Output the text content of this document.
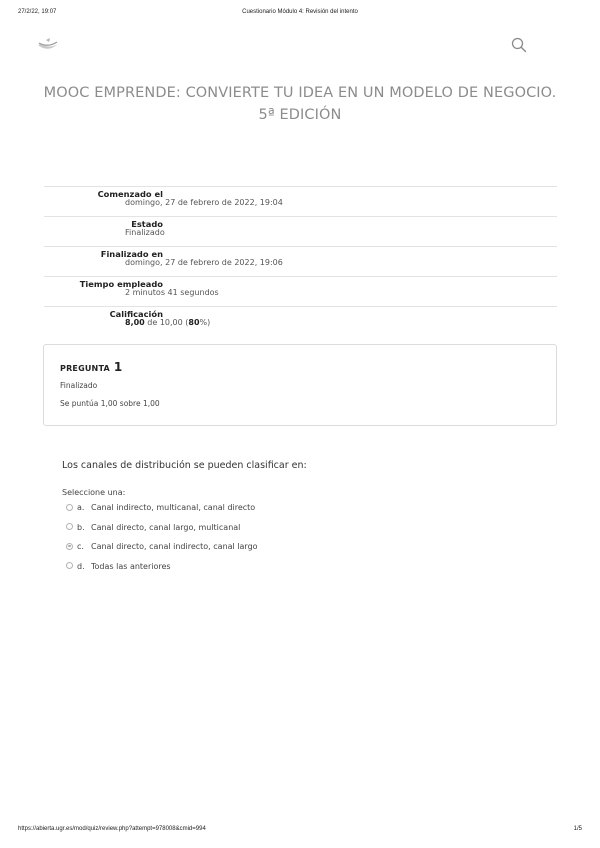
27/2/22, 19:07	Cuestionario Módulo 4: Revisión del intento
MOOC EMPRENDE: CONVIERTE TU IDEA EN UN MODELO DE NEGOCIO. 5ª EDICIÓN
Comenzado el
domingo, 27 de febrero de 2022, 19:04
Estado
Finalizado
Finalizado en
domingo, 27 de febrero de 2022, 19:06
Tiempo empleado
2 minutos 41 segundos
Calificación
8,00 de 10,00 (80%)
PREGUNTA 1
Finalizado
Se puntúa 1,00 sobre 1,00
Los canales de distribución se pueden clasificar en:
Seleccione una:
a. Canal indirecto, multicanal, canal directo
b. Canal directo, canal largo, multicanal
c. Canal directo, canal indirecto, canal largo
d. Todas las anteriores
https://abierta.ugr.es/mod/quiz/review.php?attempt=978008&cmid=994	1/5
